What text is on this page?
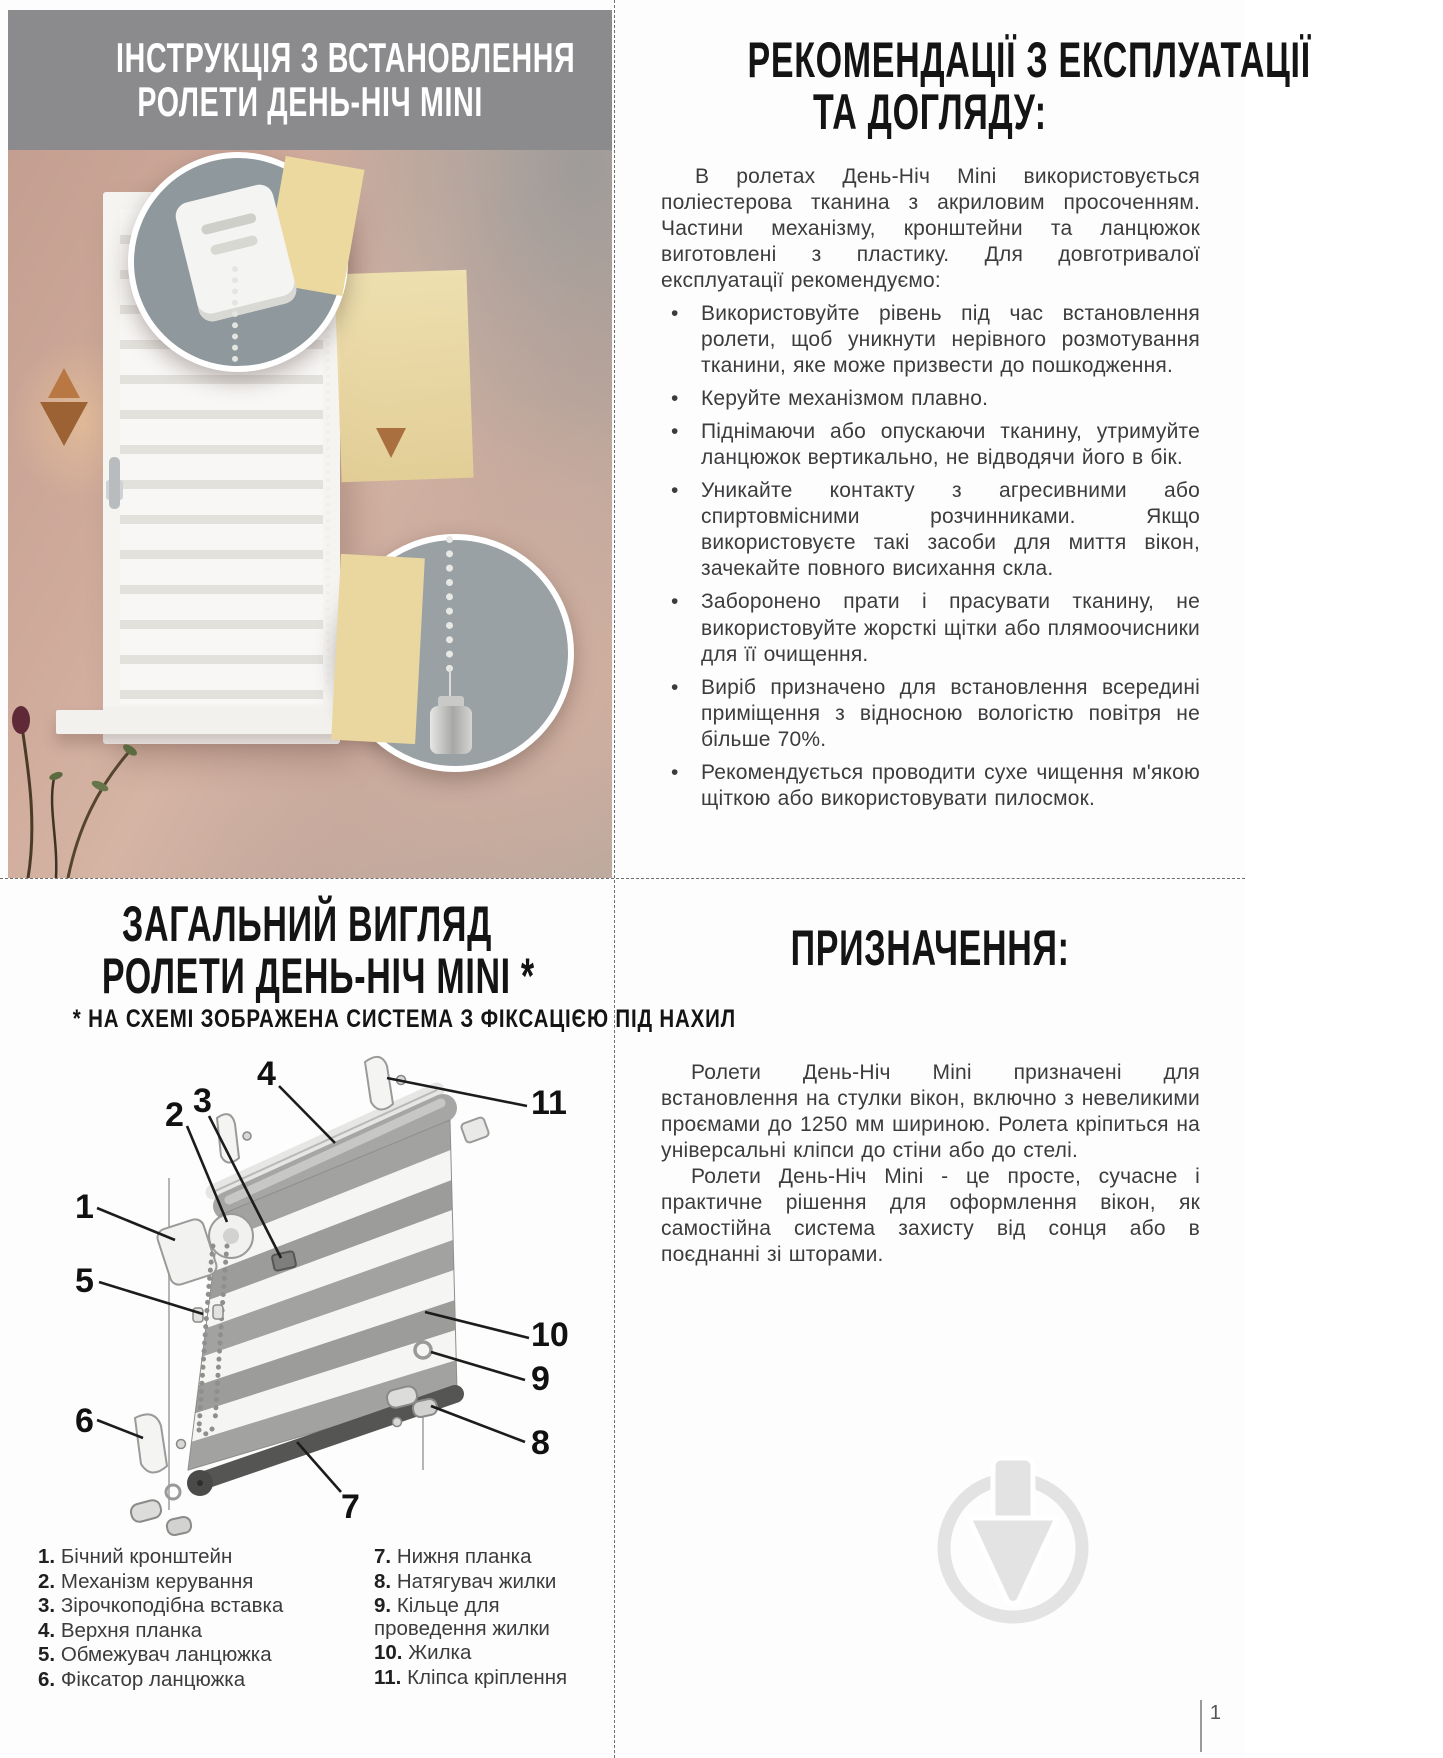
ІНСТРУКЦІЯ З ВСТАНОВЛЕННЯ
РОЛЕТИ ДЕНЬ-НІЧ MINI
РЕКОМЕНДАЦІЇ З ЕКСПЛУАТАЦІЇ
ТА ДОГЛЯДУ:

В ролетах День-Ніч Mini використовується поліестерова тканина з акриловим просоченням. Частини механізму, кронштейни та ланцюжок виготовлені з пластику. Для довготривалої експлуатації рекомендуємо:

• Використовуйте рівень під час встановлення ролети, щоб уникнути нерівного розмотування тканини, яке може призвести до пошкодження.
• Керуйте механізмом плавно.
• Піднімаючи або опускаючи тканину, утримуйте ланцюжок вертикально, не відводячи його в бік.
• Уникайте контакту з агресивними або спиртовмісними розчинниками. Якщо використовуєте такі засоби для миття вікон, зачекайте повного висихання скла.
• Заборонено прати і прасувати тканину, не використовуйте жорсткі щітки або плямоочисники для її очищення.
• Виріб призначено для встановлення всередині приміщення з відносною вологістю повітря не більше 70%.
• Рекомендується проводити сухе чищення м'якою щіткою або використовувати пилосмок.
ЗАГАЛЬНИЙ ВИГЛЯД
РОЛЕТИ ДЕНЬ-НІЧ MINI *
* НА СХЕМІ ЗОБРАЖЕНА СИСТЕМА З ФІКСАЦІЄЮ ПІД НАХИЛ
1
2 3
4
5
6
7
8
9
10
11
1. Бічний кронштейн
2. Механізм керування
3. Зірочкоподібна вставка
4. Верхня планка
5. Обмежувач ланцюжка
6. Фіксатор ланцюжка
7. Нижня планка
8. Натягувач жилки
9. Кільце для проведення жилки
10. Жилка
11. Кліпса кріплення
ПРИЗНАЧЕННЯ:

Ролети День-Ніч Mini призначені для встановлення на стулки вікон, включно з невеликими проємами до 1250 мм шириною. Ролета кріпиться на універсальні кліпси до стіни або до стелі.

Ролети День-Ніч Mini - це просте, сучасне і практичне рішення для оформлення вікон, як самостійна система захисту від сонця або в поєднанні зі шторами.

1
